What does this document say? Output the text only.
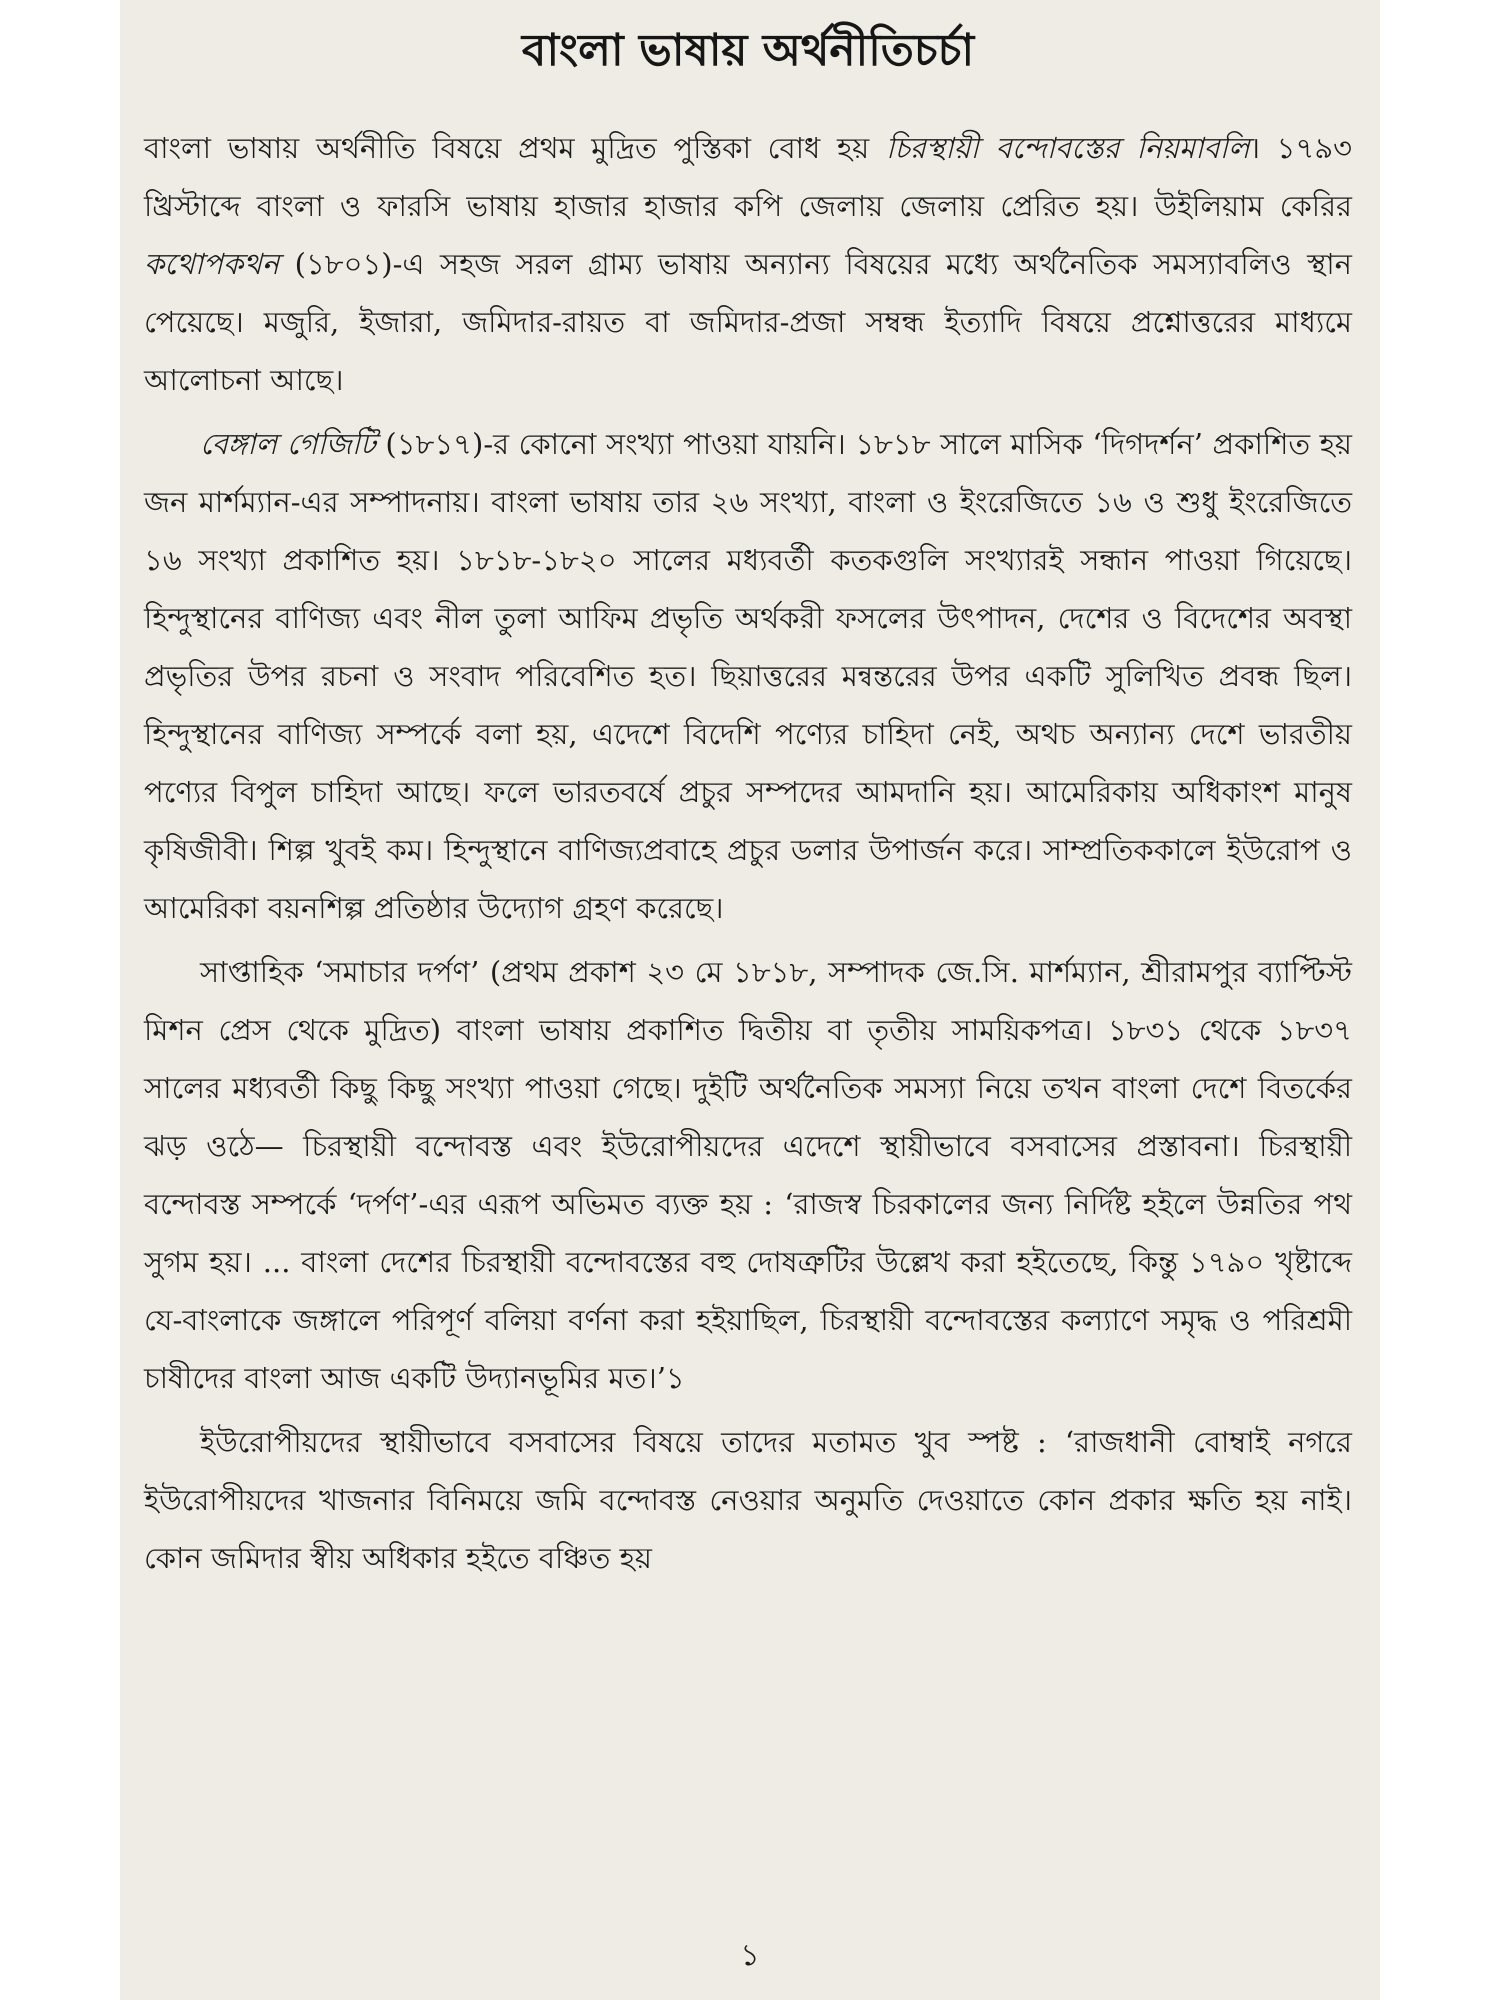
বাংলা ভাষায় অর্থনীতিচর্চা

বাংলা ভাষায় অর্থনীতি বিষয়ে প্রথম মুদ্রিত পুস্তিকা বোধ হয় চিরস্থায়ী বন্দোবস্তের নিয়মাবলি। ১৭৯৩ খ্রিস্টাব্দে বাংলা ও ফারসি ভাষায় হাজার হাজার কপি জেলায় জেলায় প্রেরিত হয়। উইলিয়াম কেরির কথোপকথন (১৮০১)-এ সহজ সরল গ্রাম্য ভাষায় অন্যান্য বিষয়ের মধ্যে অর্থনৈতিক সমস্যাবলিও স্থান পেয়েছে। মজুরি, ইজারা, জমিদার-রায়ত বা জমিদার-প্রজা সম্বন্ধ ইত্যাদি বিষয়ে প্রশ্নোত্তরের মাধ্যমে আলোচনা আছে।

বেঙ্গাল গেজিটি (১৮১৭)-র কোনো সংখ্যা পাওয়া যায়নি। ১৮১৮ সালে মাসিক ‘দিগদর্শন’ প্রকাশিত হয় জন মার্শম্যান-এর সম্পাদনায়। বাংলা ভাষায় তার ২৬ সংখ্যা, বাংলা ও ইংরেজিতে ১৬ ও শুধু ইংরেজিতে ১৬ সংখ্যা প্রকাশিত হয়। ১৮১৮-১৮২০ সালের মধ্যবর্তী কতকগুলি সংখ্যারই সন্ধান পাওয়া গিয়েছে। হিন্দুস্থানের বাণিজ্য এবং নীল তুলা আফিম প্রভৃতি অর্থকরী ফসলের উৎপাদন, দেশের ও বিদেশের অবস্থা প্রভৃতির উপর রচনা ও সংবাদ পরিবেশিত হত। ছিয়াত্তরের মন্বন্তরের উপর একটি সুলিখিত প্রবন্ধ ছিল। হিন্দুস্থানের বাণিজ্য সম্পর্কে বলা হয়, এদেশে বিদেশি পণ্যের চাহিদা নেই, অথচ অন্যান্য দেশে ভারতীয় পণ্যের বিপুল চাহিদা আছে। ফলে ভারতবর্ষে প্রচুর সম্পদের আমদানি হয়। আমেরিকায় অধিকাংশ মানুষ কৃষিজীবী। শিল্প খুবই কম। হিন্দুস্থানে বাণিজ্যপ্রবাহে প্রচুর ডলার উপার্জন করে। সাম্প্রতিককালে ইউরোপ ও আমেরিকা বয়নশিল্প প্রতিষ্ঠার উদ্যোগ গ্রহণ করেছে।

সাপ্তাহিক ‘সমাচার দর্পণ’ (প্রথম প্রকাশ ২৩ মে ১৮১৮, সম্পাদক জে.সি. মার্শম্যান, শ্রীরামপুর ব্যাপ্টিস্ট মিশন প্রেস থেকে মুদ্রিত) বাংলা ভাষায় প্রকাশিত দ্বিতীয় বা তৃতীয় সাময়িকপত্র। ১৮৩১ থেকে ১৮৩৭ সালের মধ্যবর্তী কিছু কিছু সংখ্যা পাওয়া গেছে। দুইটি অর্থনৈতিক সমস্যা নিয়ে তখন বাংলা দেশে বিতর্কের ঝড় ওঠে— চিরস্থায়ী বন্দোবস্ত এবং ইউরোপীয়দের এদেশে স্থায়ীভাবে বসবাসের প্রস্তাবনা। চিরস্থায়ী বন্দোবস্ত সম্পর্কে ‘দর্পণ’-এর এরূপ অভিমত ব্যক্ত হয় : ‘রাজস্ব চিরকালের জন্য নির্দিষ্ট হইলে উন্নতির পথ সুগম হয়। ... বাংলা দেশের চিরস্থায়ী বন্দোবস্তের বহু দোষত্রুটির উল্লেখ করা হইতেছে, কিন্তু ১৭৯০ খৃষ্টাব্দে যে-বাংলাকে জঙ্গালে পরিপূর্ণ বলিয়া বর্ণনা করা হইয়াছিল, চিরস্থায়ী বন্দোবস্তের কল্যাণে সমৃদ্ধ ও পরিশ্রমী চাষীদের বাংলা আজ একটি উদ্যানভূমির মত।’১

ইউরোপীয়দের স্থায়ীভাবে বসবাসের বিষয়ে তাদের মতামত খুব স্পষ্ট : ‘রাজধানী বোম্বাই নগরে ইউরোপীয়দের খাজনার বিনিময়ে জমি বন্দোবস্ত নেওয়ার অনুমতি দেওয়াতে কোন প্রকার ক্ষতি হয় নাই। কোন জমিদার স্বীয় অধিকার হইতে বঞ্চিত হয়

১
